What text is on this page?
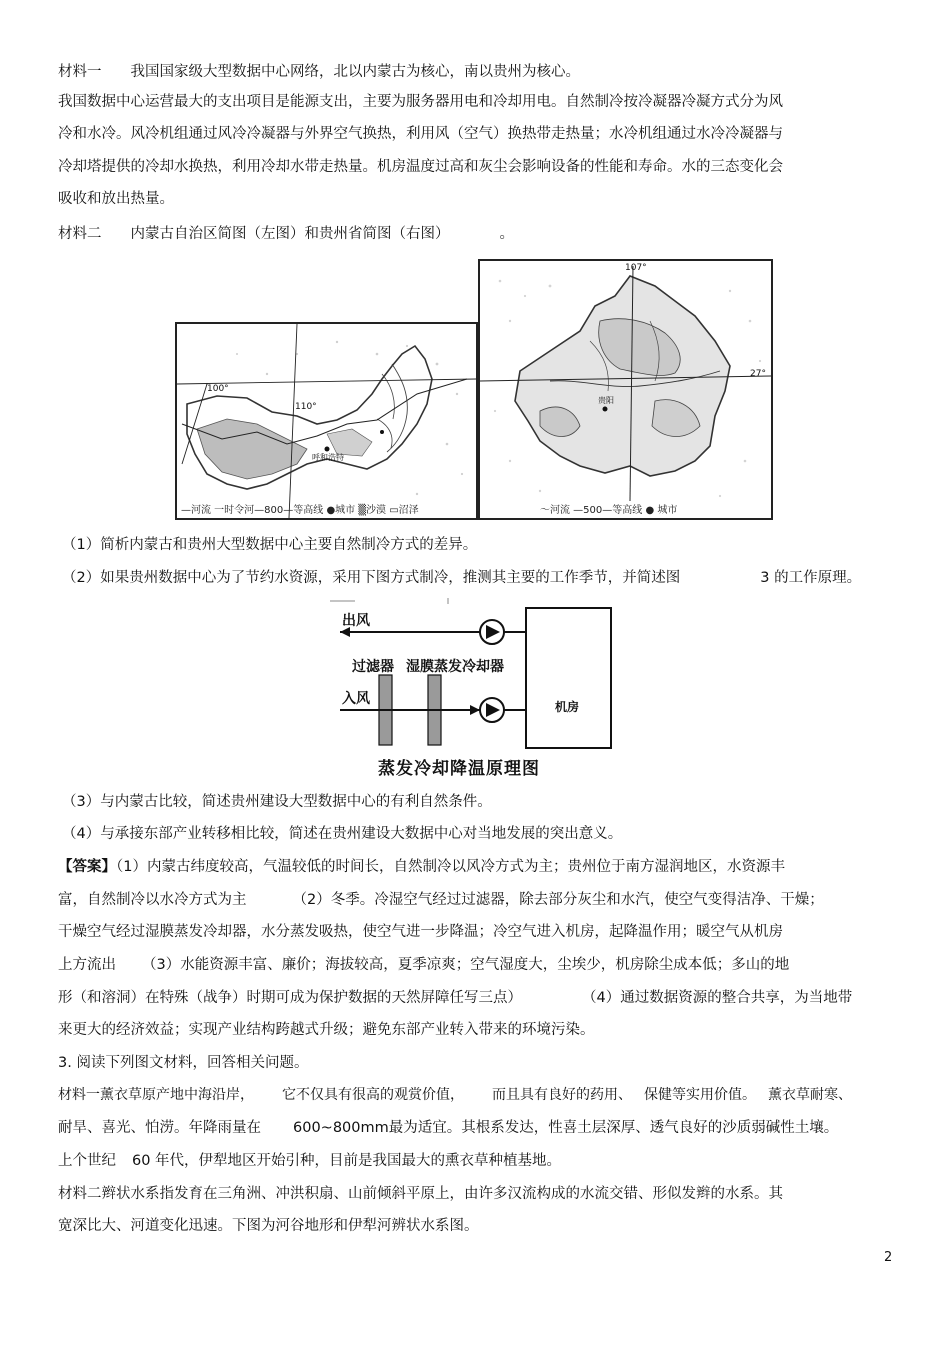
材料一　　我国国家级大型数据中心网络，北以内蒙古为核心，南以贵州为核心。
我国数据中心运营最大的支出项目是能源支出，主要为服务器用电和冷却用电。自然制冷按冷凝器冷凝方式分为风
冷和水冷。风冷机组通过风冷冷凝器与外界空气换热，利用风（空气）换热带走热量；水冷机组通过水冷冷凝器与
冷却塔提供的冷却水换热，利用冷却水带走热量。机房温度过高和灰尘会影响设备的性能和寿命。水的三态变化会
吸收和放出热量。
材料二　　内蒙古自治区简图（左图）和贵州省简图（右图）	。
100°
110°
呼和浩特
—河流 一时令河—800—等高线 ●城市 ▒沙漠 ▭沼泽
107°
27°
贵阳
～河流 —500—等高线 ● 城市
（1）简析内蒙古和贵州大型数据中心主要自然制冷方式的差异。
（2）如果贵州数据中心为了节约水资源，采用下图方式制冷，推测其主要的工作季节，并简述图	3 的工作原理。
出风
过滤器 湿膜蒸发冷却器
入风	机房
蒸发冷却降温原理图
（3）与内蒙古比较，简述贵州建设大型数据中心的有利自然条件。
（4）与承接东部产业转移相比较，简述在贵州建设大数据中心对当地发展的突出意义。
【答案】（1）内蒙古纬度较高，气温较低的时间长，自然制冷以风冷方式为主；贵州位于南方湿润地区，水资源丰
富，自然制冷以水冷方式为主	（2）冬季。冷湿空气经过过滤器，除去部分灰尘和水汽，使空气变得洁净、干燥；
干燥空气经过湿膜蒸发冷却器，水分蒸发吸热，使空气进一步降温；冷空气进入机房，起降温作用；暖空气从机房
上方流出 （3）水能资源丰富、廉价；海拔较高，夏季凉爽；空气湿度大，尘埃少，机房除尘成本低；多山的地
形（和溶洞）在特殊（战争）时期可成为保护数据的天然屏障任写三点）	（4）通过数据资源的整合共享，为当地带
来更大的经济效益；实现产业结构跨越式升级；避免东部产业转入带来的环境污染。
3. 阅读下列图文材料，回答相关问题。
材料一薰衣草原产地中海沿岸， 它不仅具有很高的观赏价值， 而且具有良好的药用、 保健等实用价值。 薰衣草耐寒、
耐旱、喜光、怕涝。年降雨量在 600~800mm最为适宜。其根系发达，性喜土层深厚、透气良好的沙质弱碱性土壤。
上个世纪 60 年代，伊犁地区开始引种，目前是我国最大的熏衣草种植基地。
材料二辫状水系指发育在三角洲、冲洪积扇、山前倾斜平原上，由许多汉流构成的水流交错、形似发辫的水系。其
宽深比大、河道变化迅速。下图为河谷地形和伊犁河辨状水系图。
2
